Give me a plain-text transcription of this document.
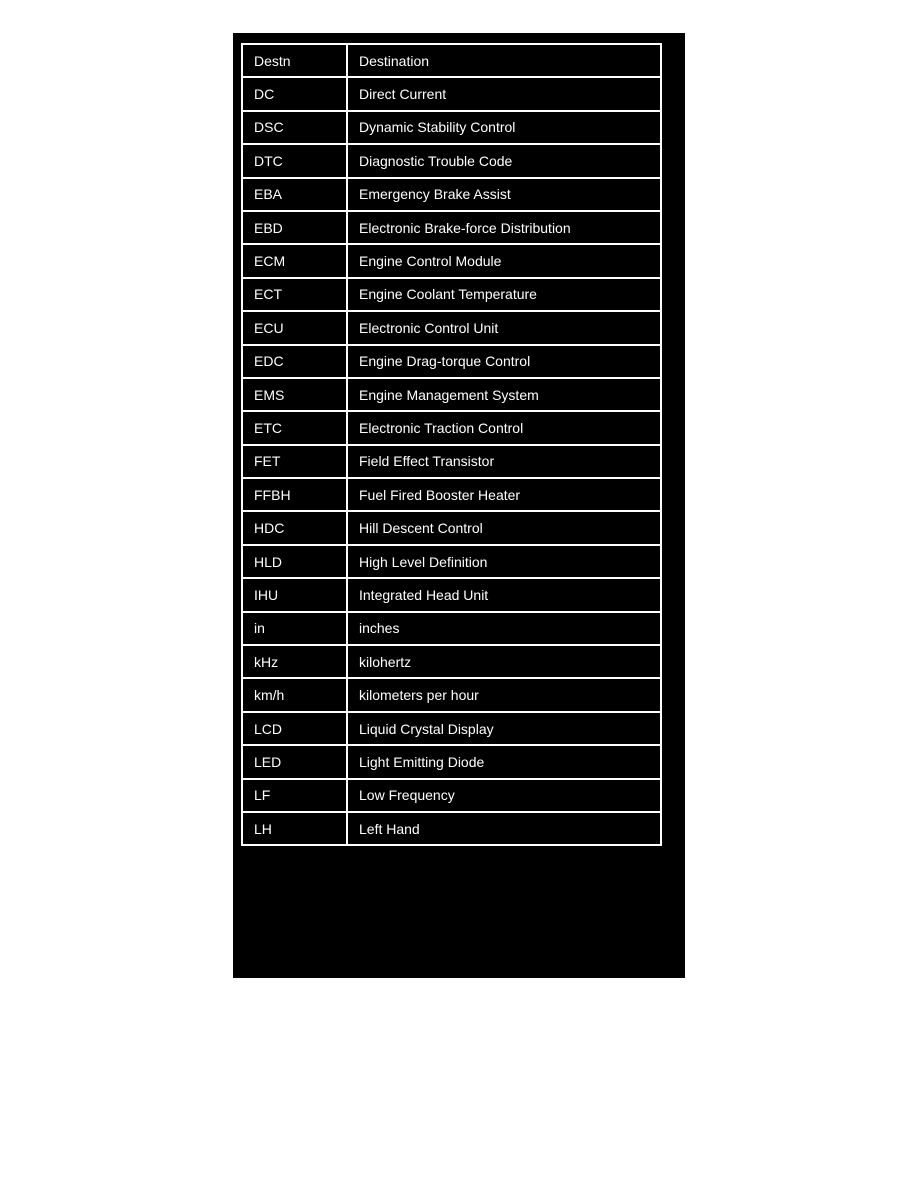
Destn	Destination
DC	Direct Current
DSC	Dynamic Stability Control
DTC	Diagnostic Trouble Code
EBA	Emergency Brake Assist
EBD	Electronic Brake-force Distribution
ECM	Engine Control Module
ECT	Engine Coolant Temperature
ECU	Electronic Control Unit
EDC	Engine Drag-torque Control
EMS	Engine Management System
ETC	Electronic Traction Control
FET	Field Effect Transistor
FFBH	Fuel Fired Booster Heater
HDC	Hill Descent Control
HLD	High Level Definition
IHU	Integrated Head Unit
in	inches
kHz	kilohertz
km/h	kilometers per hour
LCD	Liquid Crystal Display
LED	Light Emitting Diode
LF	Low Frequency
LH	Left Hand
